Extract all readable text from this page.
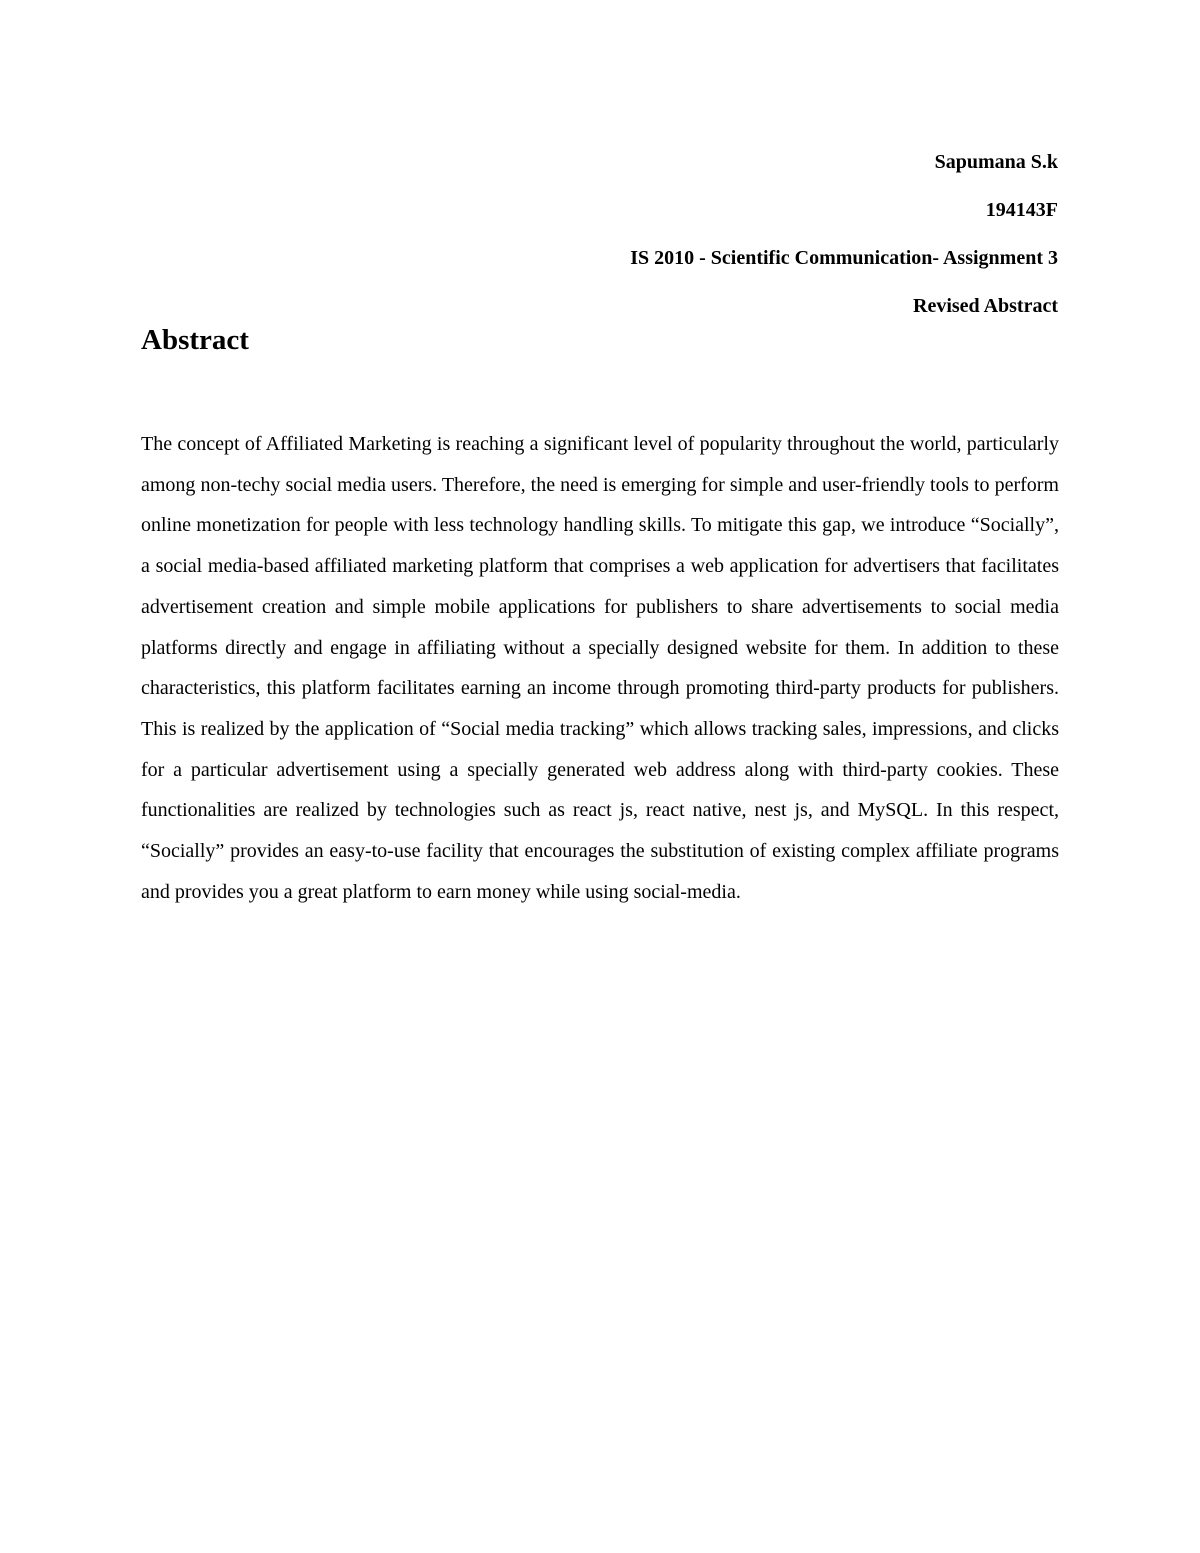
Sapumana S.k
194143F
IS 2010 - Scientific Communication- Assignment 3
Revised Abstract
Abstract

The concept of Affiliated Marketing is reaching a significant level of popularity throughout the world, particularly among non-techy social media users. Therefore, the need is emerging for simple and user-friendly tools to perform online monetization for people with less technology handling skills. To mitigate this gap, we introduce “Socially”, a social media-based affiliated marketing platform that comprises a web application for advertisers that facilitates advertisement creation and simple mobile applications for publishers to share advertisements to social media platforms directly and engage in affiliating without a specially designed website for them. In addition to these characteristics, this platform facilitates earning an income through promoting third-party products for publishers. This is realized by the application of “Social media tracking” which allows tracking sales, impressions, and clicks for a particular advertisement using a specially generated web address along with third-party cookies. These functionalities are realized by technologies such as react js, react native, nest js, and MySQL. In this respect, “Socially” provides an easy-to-use facility that encourages the substitution of existing complex affiliate programs and provides you a great platform to earn money while using social-media.
